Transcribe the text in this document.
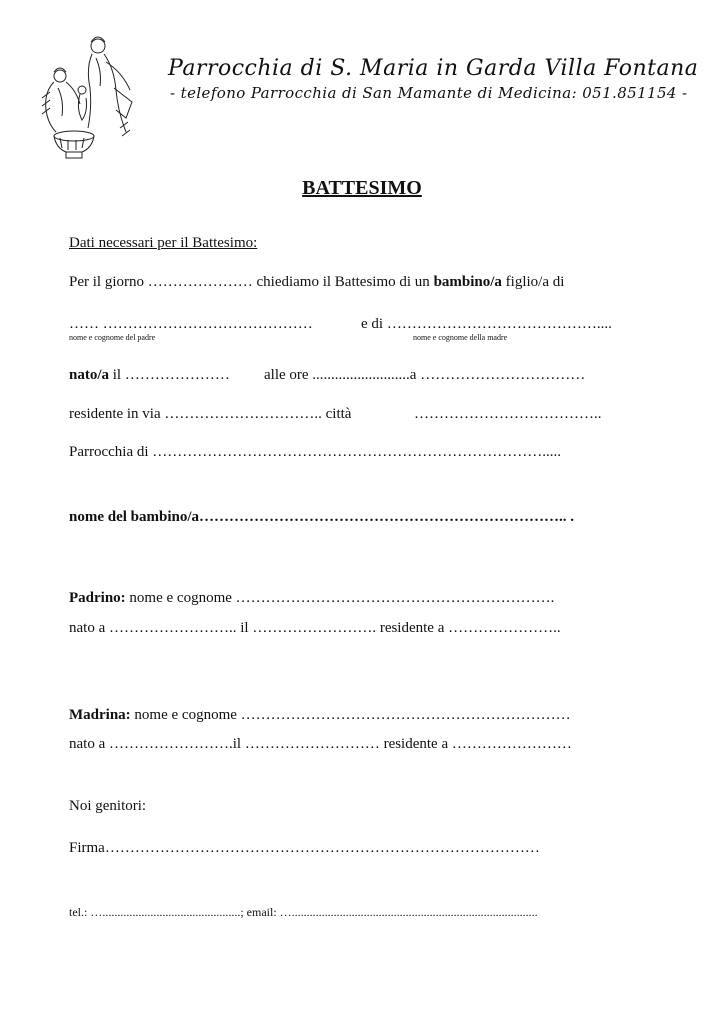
Parrocchia di S. Maria in Garda Villa Fontana
- telefono Parrocchia di San Mamante di Medicina: 051.851154 -
BATTESIMO
Dati necessari per il Battesimo:
Per il giorno ………………… chiediamo il Battesimo di un bambino/a figlio/a di
…… ……………………………………	e di ……………………………………....
nome e cognome del padre	nome e cognome della madre
nato/a il ………………… alle ore ..........................a ……………………………
residente in via ………………………….. città	………………………………..
Parrocchia di …………………………………………………………………….....
nome del bambino/a……………………………………………………………….. .
Padrino: nome e cognome ……………………………………………………….
nato a …………………….. il ……………………. residente a …………………..
Madrina: nome e cognome …………………………………………………………
nato a …………………….il ……………………… residente a ……………………
Noi genitori:
Firma……………………………………………………………………………
tel.: …..............................................; email: …..................................................................................
